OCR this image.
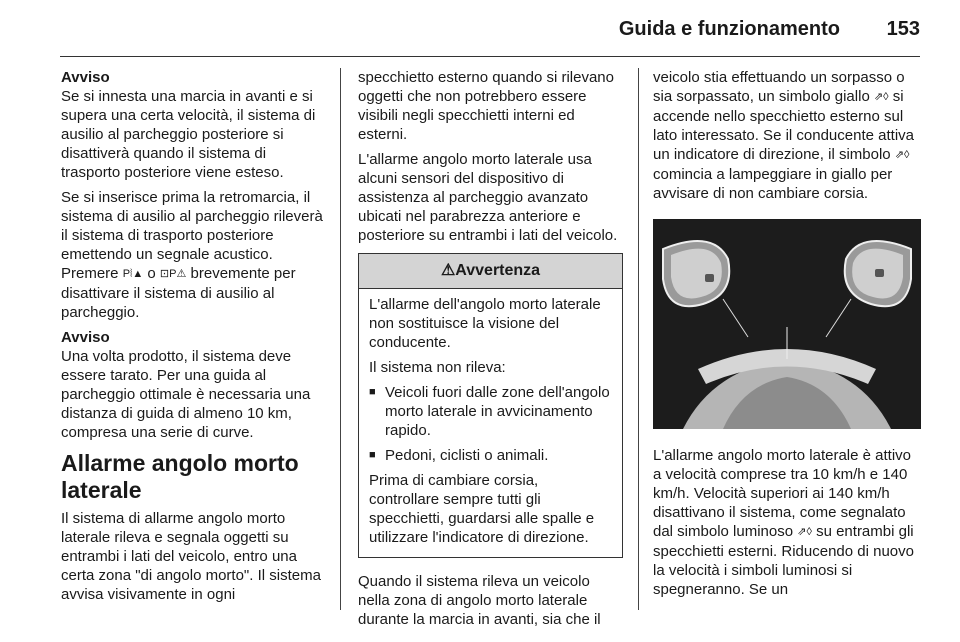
Guida e funzionamento 153

Avviso

Se si innesta una marcia in avanti e si supera una certa velocità, il sistema di ausilio al parcheggio posteriore si disattiverà quando il sistema di trasporto posteriore viene esteso.

Se si inserisce prima la retromarcia, il sistema di ausilio al parcheggio rileverà il sistema di trasporto posteriore emettendo un segnale acustico. Premere P⦚▲ o ⊡P⚠ brevemente per disattivare il sistema di ausilio al parcheggio.

Avviso

Una volta prodotto, il sistema deve essere tarato. Per una guida al parcheggio ottimale è necessaria una distanza di guida di almeno 10 km, compresa una serie di curve.

Allarme angolo morto laterale

Il sistema di allarme angolo morto laterale rileva e segnala oggetti su entrambi i lati del veicolo, entro una certa zona "di angolo morto". Il sistema avvisa visivamente in ogni

specchietto esterno quando si rilevano oggetti che non potrebbero essere visibili negli specchietti interni ed esterni.

L'allarme angolo morto laterale usa alcuni sensori del dispositivo di assistenza al parcheggio avanzato ubicati nel parabrezza anteriore e posteriore su entrambi i lati del veicolo.

⚠Avvertenza

L'allarme dell'angolo morto laterale non sostituisce la visione del conducente.

Il sistema non rileva:

■ Veicoli fuori dalle zone dell'angolo morto laterale in avvicinamento rapido.
■ Pedoni, ciclisti o animali.

Prima di cambiare corsia, controllare sempre tutti gli specchietti, guardarsi alle spalle e utilizzare l'indicatore di direzione.

Quando il sistema rileva un veicolo nella zona di angolo morto laterale durante la marcia in avanti, sia che il

veicolo stia effettuando un sorpasso o sia sorpassato, un simbolo giallo ⇗◊ si accende nello specchietto esterno sul lato interessato. Se il conducente attiva un indicatore di direzione, il simbolo ⇗◊ comincia a lampeggiare in giallo per avvisare di non cambiare corsia.

L'allarme angolo morto laterale è attivo a velocità comprese tra 10 km/h e 140 km/h. Velocità superiori ai 140 km/h disattivano il sistema, come segnalato dal simbolo luminoso ⇗◊ su entrambi gli specchietti esterni. Riducendo di nuovo la velocità i simboli luminosi si spegneranno. Se un
